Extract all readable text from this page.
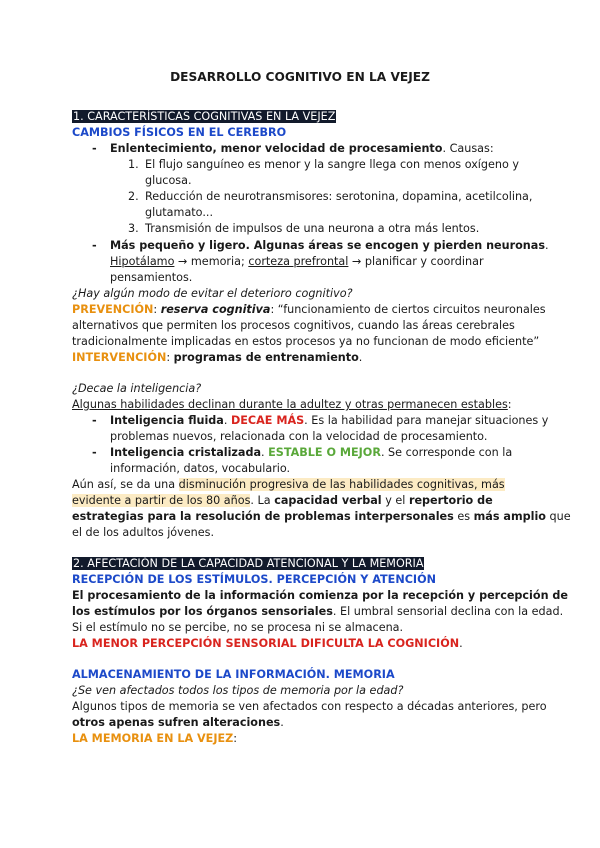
DESARROLLO COGNITIVO EN LA VEJEZ
1. CARACTERÍSTICAS COGNITIVAS EN LA VEJEZ
CAMBIOS FÍSICOS EN EL CEREBRO
- Enlentecimiento, menor velocidad de procesamiento. Causas:
1. El flujo sanguíneo es menor y la sangre llega con menos oxígeno y
glucosa.
2. Reducción de neurotransmisores: serotonina, dopamina, acetilcolina,
glutamato...
3. Transmisión de impulsos de una neurona a otra más lentos.
- Más pequeño y ligero. Algunas áreas se encogen y pierden neuronas.
Hipotálamo → memoria; corteza prefrontal → planificar y coordinar
pensamientos.
¿Hay algún modo de evitar el deterioro cognitivo?
PREVENCIÓN: reserva cognitiva: “funcionamiento de ciertos circuitos neuronales
alternativos que permiten los procesos cognitivos, cuando las áreas cerebrales
tradicionalmente implicadas en estos procesos ya no funcionan de modo eficiente”
INTERVENCIÓN: programas de entrenamiento.
¿Decae la inteligencia?
Algunas habilidades declinan durante la adultez y otras permanecen estables:
- Inteligencia fluida. DECAE MÁS. Es la habilidad para manejar situaciones y
problemas nuevos, relacionada con la velocidad de procesamiento.
- Inteligencia cristalizada. ESTABLE O MEJOR. Se corresponde con la
información, datos, vocabulario.
Aún así, se da una disminución progresiva de las habilidades cognitivas, más
evidente a partir de los 80 años. La capacidad verbal y el repertorio de
estrategias para la resolución de problemas interpersonales es más amplio que
el de los adultos jóvenes.
2. AFECTACIÓN DE LA CAPACIDAD ATENCIONAL Y LA MEMORIA
RECEPCIÓN DE LOS ESTÍMULOS. PERCEPCIÓN Y ATENCIÓN
El procesamiento de la información comienza por la recepción y percepción de
los estímulos por los órganos sensoriales. El umbral sensorial declina con la edad.
Si el estímulo no se percibe, no se procesa ni se almacena.
LA MENOR PERCEPCIÓN SENSORIAL DIFICULTA LA COGNICIÓN.
ALMACENAMIENTO DE LA INFORMACIÓN. MEMORIA
¿Se ven afectados todos los tipos de memoria por la edad?
Algunos tipos de memoria se ven afectados con respecto a décadas anteriores, pero
otros apenas sufren alteraciones.
LA MEMORIA EN LA VEJEZ:
